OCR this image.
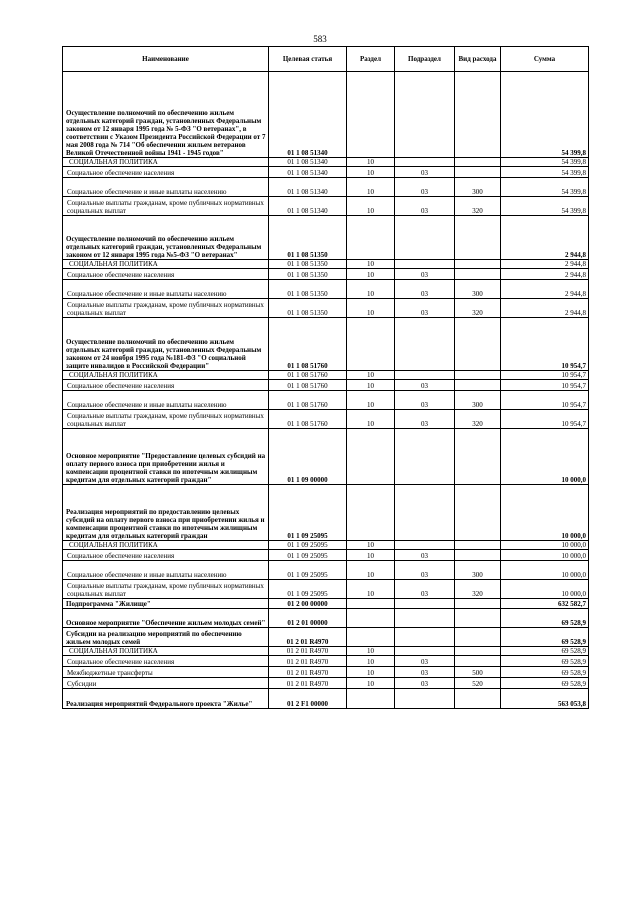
583
Наименование	Целевая статья	Раздел	Подраздел	Вид расхода	Сумма
Осуществление полномочий по обеспечению жильем отдельных категорий граждан, установленных Федеральным законом от 12 января 1995 года № 5-ФЗ "О ветеранах", в соответствии с Указом Президента Российской Федерации от 7 мая 2008 года № 714 "Об обеспечении жильем ветеранов Великой Отечественной войны 1941 - 1945 годов"	01 1 08 51340				54 399,8
СОЦИАЛЬНАЯ ПОЛИТИКА	01 1 08 51340	10			54 399,8
Социальное обеспечение населения	01 1 08 51340	10	03		54 399,8
Социальное обеспечение и иные выплаты населению	01 1 08 51340	10	03	300	54 399,8
Социальные выплаты гражданам, кроме публичных нормативных социальных выплат	01 1 08 51340	10	03	320	54 399,8
Осуществление полномочий по обеспечению жильем отдельных категорий граждан, установленных Федеральным законом от 12 января 1995 года №5-ФЗ "О ветеранах"	01 1 08 51350				2 944,8
СОЦИАЛЬНАЯ ПОЛИТИКА	01 1 08 51350	10			2 944,8
Социальное обеспечение населения	01 1 08 51350	10	03		2 944,8
Социальное обеспечение и иные выплаты населению	01 1 08 51350	10	03	300	2 944,8
Социальные выплаты гражданам, кроме публичных нормативных социальных выплат	01 1 08 51350	10	03	320	2 944,8
Осуществление полномочий по обеспечению жильем отдельных категорий граждан, установленных Федеральным законом от 24 ноября 1995 года №181-ФЗ "О социальной защите инвалидов в Российской Федерации"	01 1 08 51760				10 954,7
СОЦИАЛЬНАЯ ПОЛИТИКА	01 1 08 51760	10			10 954,7
Социальное обеспечение населения	01 1 08 51760	10	03		10 954,7
Социальное обеспечение и иные выплаты населению	01 1 08 51760	10	03	300	10 954,7
Социальные выплаты гражданам, кроме публичных нормативных социальных выплат	01 1 08 51760	10	03	320	10 954,7
Основное мероприятие "Предоставление целевых субсидий на оплату первого взноса при приобретении жилья и компенсации процентной ставки по ипотечным жилищным кредитам для отдельных категорий граждан"	01 1 09 00000				10 000,0
Реализация мероприятий по предоставлению целевых субсидий на оплату первого взноса при приобретении жилья и компенсации процентной ставки по ипотечным жилищным кредитам для отдельных категорий граждан	01 1 09 25095				10 000,0
СОЦИАЛЬНАЯ ПОЛИТИКА	01 1 09 25095	10			10 000,0
Социальное обеспечение населения	01 1 09 25095	10	03		10 000,0
Социальное обеспечение и иные выплаты населению	01 1 09 25095	10	03	300	10 000,0
Социальные выплаты гражданам, кроме публичных нормативных социальных выплат	01 1 09 25095	10	03	320	10 000,0
Подпрограмма "Жилище"	01 2 00 00000				632 582,7
Основное мероприятие "Обеспечение жильем молодых семей"	01 2 01 00000				69 528,9
Субсидии на реализацию мероприятий по обеспечению жильем молодых семей	01 2 01 R4970				69 528,9
СОЦИАЛЬНАЯ ПОЛИТИКА	01 2 01 R4970	10			69 528,9
Социальное обеспечение населения	01 2 01 R4970	10	03		69 528,9
Межбюджетные трансферты	01 2 01 R4970	10	03	500	69 528,9
Субсидии	01 2 01 R4970	10	03	520	69 528,9
Реализация мероприятий Федерального проекта "Жилье"	01 2 F1 00000				563 053,8
